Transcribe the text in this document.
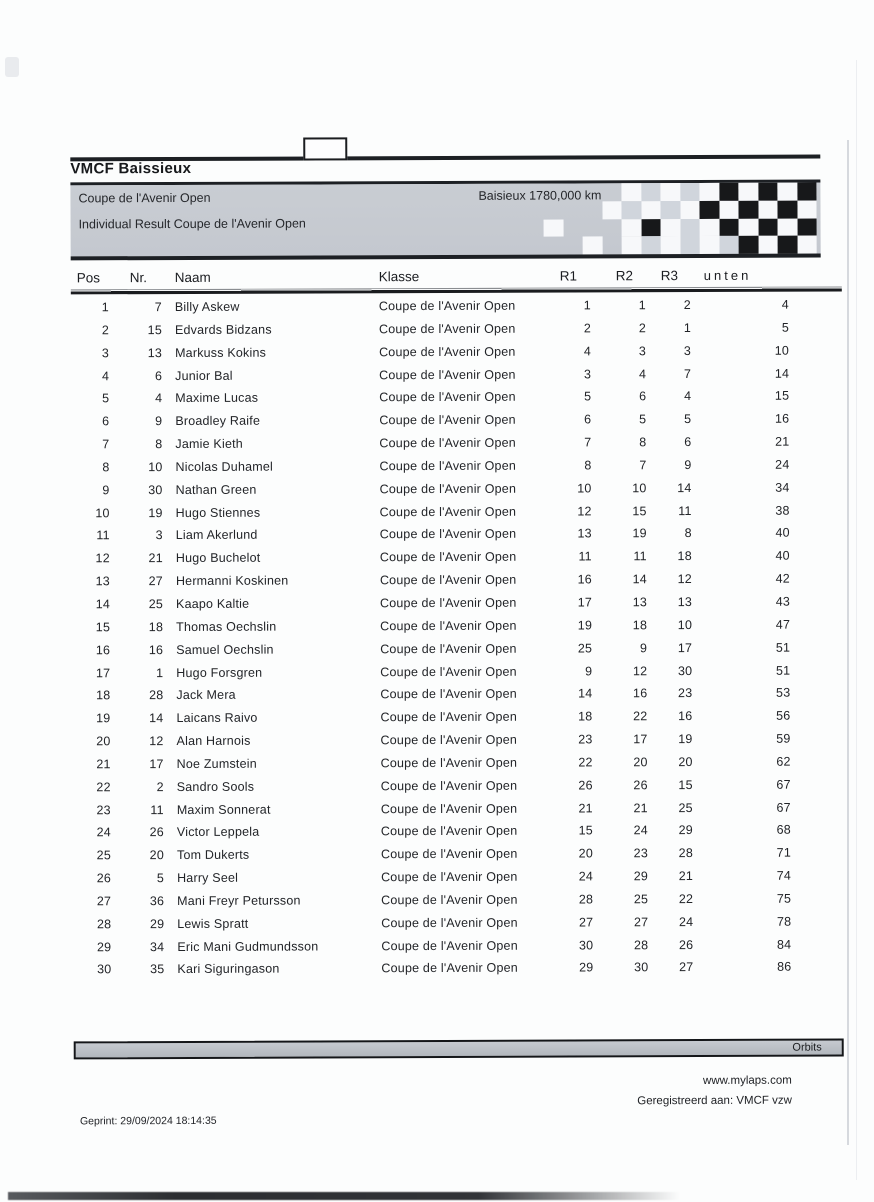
VMCF Baissieux
Coupe de l'Avenir Open	Baisieux 1780,000 km
Individual Result Coupe de l'Avenir Open
Pos Nr. Naam	Klasse	R1	R2 R3 unten
1	7 Billy Askew	Coupe de l'Avenir Open	1	1	2	4
2	15 Edvards Bidzans	Coupe de l'Avenir Open	2	2	1	5
3	13 Markuss Kokins	Coupe de l'Avenir Open	4	3	3	10
4	6 Junior Bal	Coupe de l'Avenir Open	3	4	7	14
5	4 Maxime Lucas	Coupe de l'Avenir Open	5	6	4	15
6	9 Broadley Raife	Coupe de l'Avenir Open	6	5	5	16
7	8 Jamie Kieth	Coupe de l'Avenir Open	7	8	6	21
8	10 Nicolas Duhamel	Coupe de l'Avenir Open	8	7	9	24
9	30 Nathan Green	Coupe de l'Avenir Open	10	10	14	34
10	19 Hugo Stiennes	Coupe de l'Avenir Open	12	15	11	38
11	3 Liam Akerlund	Coupe de l'Avenir Open	13	19	8	40
12	21 Hugo Buchelot	Coupe de l'Avenir Open	11	11	18	40
13	27 Hermanni Koskinen	Coupe de l'Avenir Open	16	14	12	42
14	25 Kaapo Kaltie	Coupe de l'Avenir Open	17	13	13	43
15	18 Thomas Oechslin	Coupe de l'Avenir Open	19	18	10	47
16	16 Samuel Oechslin	Coupe de l'Avenir Open	25	9	17	51
17	1 Hugo Forsgren	Coupe de l'Avenir Open	9	12	30	51
18	28 Jack Mera	Coupe de l'Avenir Open	14	16	23	53
19	14 Laicans Raivo	Coupe de l'Avenir Open	18	22	16	56
20	12 Alan Harnois	Coupe de l'Avenir Open	23	17	19	59
21	17 Noe Zumstein	Coupe de l'Avenir Open	22	20	20	62
22	2 Sandro Sools	Coupe de l'Avenir Open	26	26	15	67
23	11 Maxim Sonnerat	Coupe de l'Avenir Open	21	21	25	67
24	26 Victor Leppela	Coupe de l'Avenir Open	15	24	29	68
25	20 Tom Dukerts	Coupe de l'Avenir Open	20	23	28	71
26	5 Harry Seel	Coupe de l'Avenir Open	24	29	21	74
27	36 Mani Freyr Petursson	Coupe de l'Avenir Open	28	25	22	75
28	29 Lewis Spratt	Coupe de l'Avenir Open	27	27	24	78
29	34 Eric Mani Gudmundsson	Coupe de l'Avenir Open	30	28	26	84
30	35 Kari Siguringason	Coupe de l'Avenir Open	29	30	27	86
Orbits
www.mylaps.com
Geregistreerd aan: VMCF vzw
Geprint: 29/09/2024 18:14:35
